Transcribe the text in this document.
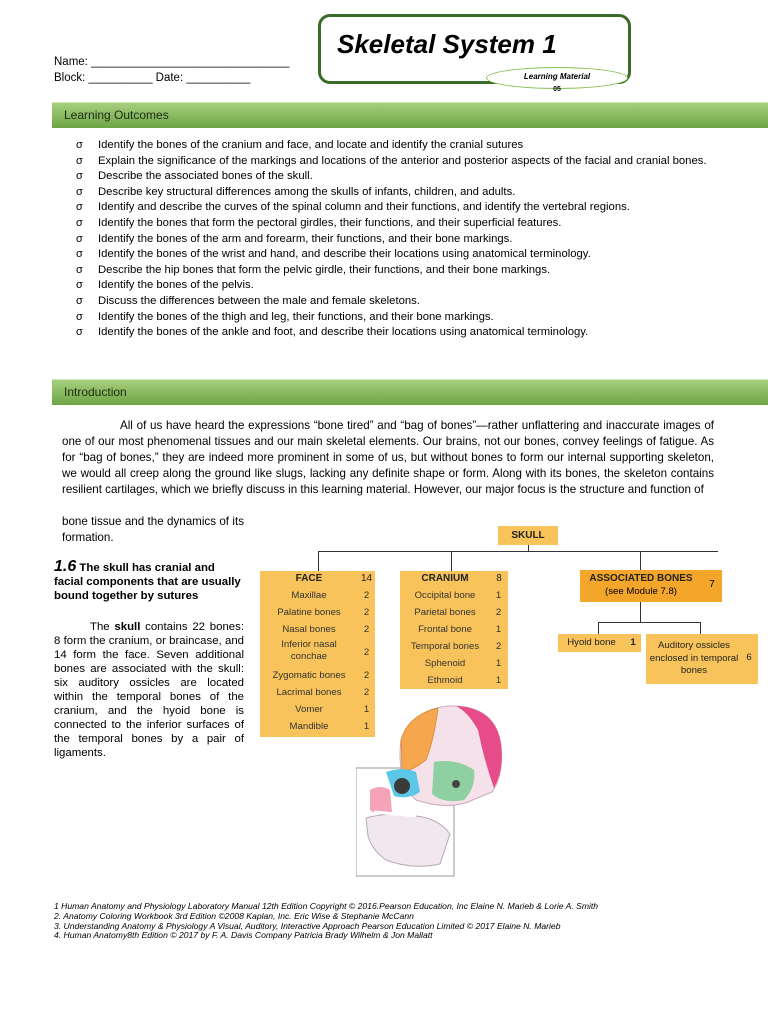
Name: _______________________________
Block: __________ Date: __________
Skeletal System 1
Learning Material
05
Learning Outcomes
σ Identify the bones of the cranium and face, and locate and identify the cranial sutures
σ Explain the significance of the markings and locations of the anterior and posterior aspects of the facial and cranial bones.
σ Describe the associated bones of the skull.
σ Describe key structural differences among the skulls of infants, children, and adults.
σ Identify and describe the curves of the spinal column and their functions, and identify the vertebral regions.
σ Identify the bones that form the pectoral girdles, their functions, and their superficial features.
σ Identify the bones of the arm and forearm, their functions, and their bone markings.
σ Identify the bones of the wrist and hand, and describe their locations using anatomical terminology.
σ Describe the hip bones that form the pelvic girdle, their functions, and their bone markings.
σ Identify the bones of the pelvis.
σ Discuss the differences between the male and female skeletons.
σ Identify the bones of the thigh and leg, their functions, and their bone markings.
σ Identify the bones of the ankle and foot, and describe their locations using anatomical terminology.
Introduction
All of us have heard the expressions “bone tired” and “bag of bones”—rather unflattering and inaccurate images of one of our most phenomenal tissues and our main skeletal elements. Our brains, not our bones, convey feelings of fatigue. As for “bag of bones,” they are indeed more prominent in some of us, but without bones to form our internal supporting skeleton, we would all creep along the ground like slugs, lacking any definite shape or form. Along with its bones, the skeleton contains resilient cartilages, which we briefly discuss in this learning material. However, our major focus is the structure and function of
bone tissue and the dynamics of its formation.
1.6 The skull has cranial and facial components that are usually bound together by sutures
The skull contains 22 bones: 8 form the cranium, or braincase, and 14 form the face. Seven additional bones are associated with the skull: six auditory ossicles are located within the temporal bones of the cranium, and the hyoid bone is connected to the inferior surfaces of the temporal bones by a pair of ligaments.
SKULL
FACE	14
Maxillae	2
Palatine bones	2
Nasal bones	2
Inferior nasal conchae	2
Zygomatic bones	2
Lacrimal bones	2
Vomer	1
Mandible	1
CRANIUM	8
Occipital bone	1
Parietal bones	2
Frontal bone	1
Temporal bones	2
Sphenoid	1
Ethmoid	1
ASSOCIATED BONES
(see Module 7.8)
7
Hyoid bone	1	Auditory ossicles enclosed in temporal bones
6
1 Human Anatomy and Physiology Laboratory Manual 12th Edition Copyright © 2016.Pearson Education, Inc Elaine N. Marieb & Lorie A. Smith
2. Anatomy Coloring Workbook 3rd Edition ©2008 Kaplan, Inc. Eric Wise & Stephanie McCann
3. Understanding Anatomy & Physiology A Visual, Auditory, Interactive Approach Pearson Education Limited © 2017 Elaine N. Marieb
4. Human Anatomy8th Edition © 2017 by F. A. Davis Company Patricia Brady Wilhelm & Jon Mallatt
